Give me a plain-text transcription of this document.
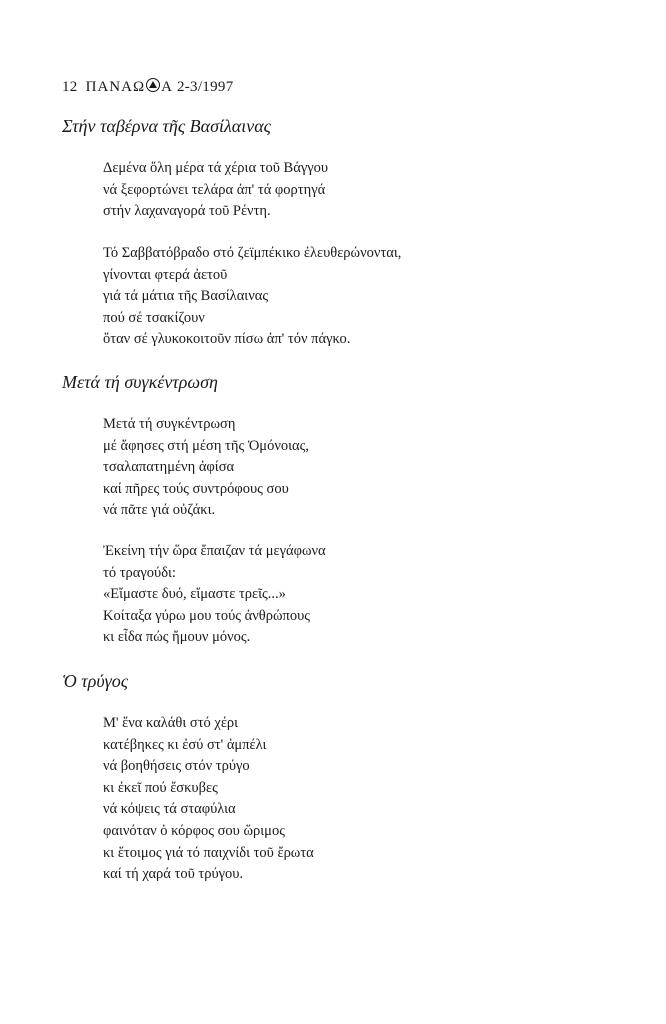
12 ΠΑΝΑΩ Α 2-3/1997
Στήν ταβέρνα τῆς Βασίλαινας
Δεμένα ὅλη μέρα τά χέρια τοῦ Βάγγου
νά ξεφορτώνει τελάρα ἀπ' τά φορτηγά
στήν λαχαναγορά τοῦ Ρέντη.
Τό Σαββατόβραδο στό ζεϊμπέκικο ἐλευθερώνονται,
γίνονται φτερά ἀετοῦ
γιά τά μάτια τῆς Βασίλαινας
πού σέ τσακίζουν
ὅταν σέ γλυκοκοιτοῦν πίσω ἀπ' τόν πάγκο.
Μετά τή συγκέντρωση
Μετά τή συγκέντρωση
μέ ἄφησες στή μέση τῆς Ὁμόνοιας,
τσαλαπατημένη ἀφίσα
καί πῆρες τούς συντρόφους σου
νά πᾶτε γιά οὐζάκι.
Ἐκείνη τήν ὥρα ἔπαιζαν τά μεγάφωνα
τό τραγούδι:
«Εἴμαστε δυό, εἴμαστε τρεῖς...»
Κοίταξα γύρω μου τούς ἀνθρώπους
κι εἶδα πώς ἤμουν μόνος.
Ὁ τρύγος
Μ' ἕνα καλάθι στό χέρι
κατέβηκες κι ἐσύ στ' ἀμπέλι
νά βοηθήσεις στόν τρύγο
κι ἐκεῖ πού ἔσκυβες
νά κόψεις τά σταφύλια
φαινόταν ὁ κόρφος σου ὥριμος
κι ἕτοιμος γιά τό παιχνίδι τοῦ ἔρωτα
καί τή χαρά τοῦ τρύγου.
